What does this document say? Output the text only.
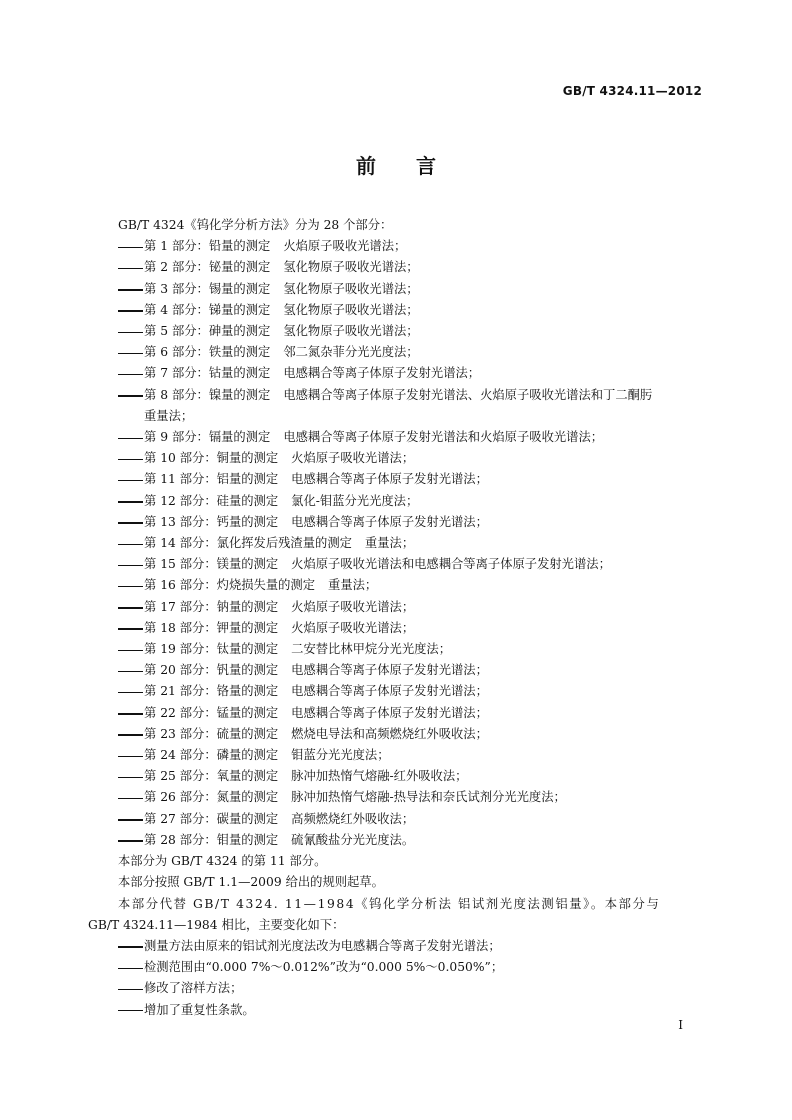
GB/T 4324.11—2012
前言
GB/T 4324《钨化学分析方法》分为 28 个部分：
第 1 部分：铅量的测定 火焰原子吸收光谱法；
第 2 部分：铋量的测定 氢化物原子吸收光谱法；
第 3 部分：锡量的测定 氢化物原子吸收光谱法；
第 4 部分：锑量的测定 氢化物原子吸收光谱法；
第 5 部分：砷量的测定 氢化物原子吸收光谱法；
第 6 部分：铁量的测定 邻二氮杂菲分光光度法；
第 7 部分：钴量的测定 电感耦合等离子体原子发射光谱法；
第 8 部分：镍量的测定 电感耦合等离子体原子发射光谱法、火焰原子吸收光谱法和丁二酮肟
重量法；
第 9 部分：镉量的测定 电感耦合等离子体原子发射光谱法和火焰原子吸收光谱法；
第 10 部分：铜量的测定 火焰原子吸收光谱法；
第 11 部分：铝量的测定 电感耦合等离子体原子发射光谱法；
第 12 部分：硅量的测定 氯化-钼蓝分光光度法；
第 13 部分：钙量的测定 电感耦合等离子体原子发射光谱法；
第 14 部分：氯化挥发后残渣量的测定 重量法；
第 15 部分：镁量的测定 火焰原子吸收光谱法和电感耦合等离子体原子发射光谱法；
第 16 部分：灼烧损失量的测定 重量法；
第 17 部分：钠量的测定 火焰原子吸收光谱法；
第 18 部分：钾量的测定 火焰原子吸收光谱法；
第 19 部分：钛量的测定 二安替比林甲烷分光光度法；
第 20 部分：钒量的测定 电感耦合等离子体原子发射光谱法；
第 21 部分：铬量的测定 电感耦合等离子体原子发射光谱法；
第 22 部分：锰量的测定 电感耦合等离子体原子发射光谱法；
第 23 部分：硫量的测定 燃烧电导法和高频燃烧红外吸收法；
第 24 部分：磷量的测定 钼蓝分光光度法；
第 25 部分：氧量的测定 脉冲加热惰气熔融-红外吸收法；
第 26 部分：氮量的测定 脉冲加热惰气熔融-热导法和奈氏试剂分光光度法；
第 27 部分：碳量的测定 高频燃烧红外吸收法；
第 28 部分：钼量的测定 硫氰酸盐分光光度法。
本部分为 GB/T 4324 的第 11 部分。
本部分按照 GB/T 1.1—2009 给出的规则起草。
本部分代替 GB/T 4324. 11—1984《钨化学分析法 铝试剂光度法测铝量》。本部分与
GB/T 4324.11—1984 相比，主要变化如下：
测量方法由原来的铝试剂光度法改为电感耦合等离子发射光谱法；
检测范围由“0.000 7%～0.012%”改为“0.000 5%～0.050%”；
修改了溶样方法；
增加了重复性条款。
I
